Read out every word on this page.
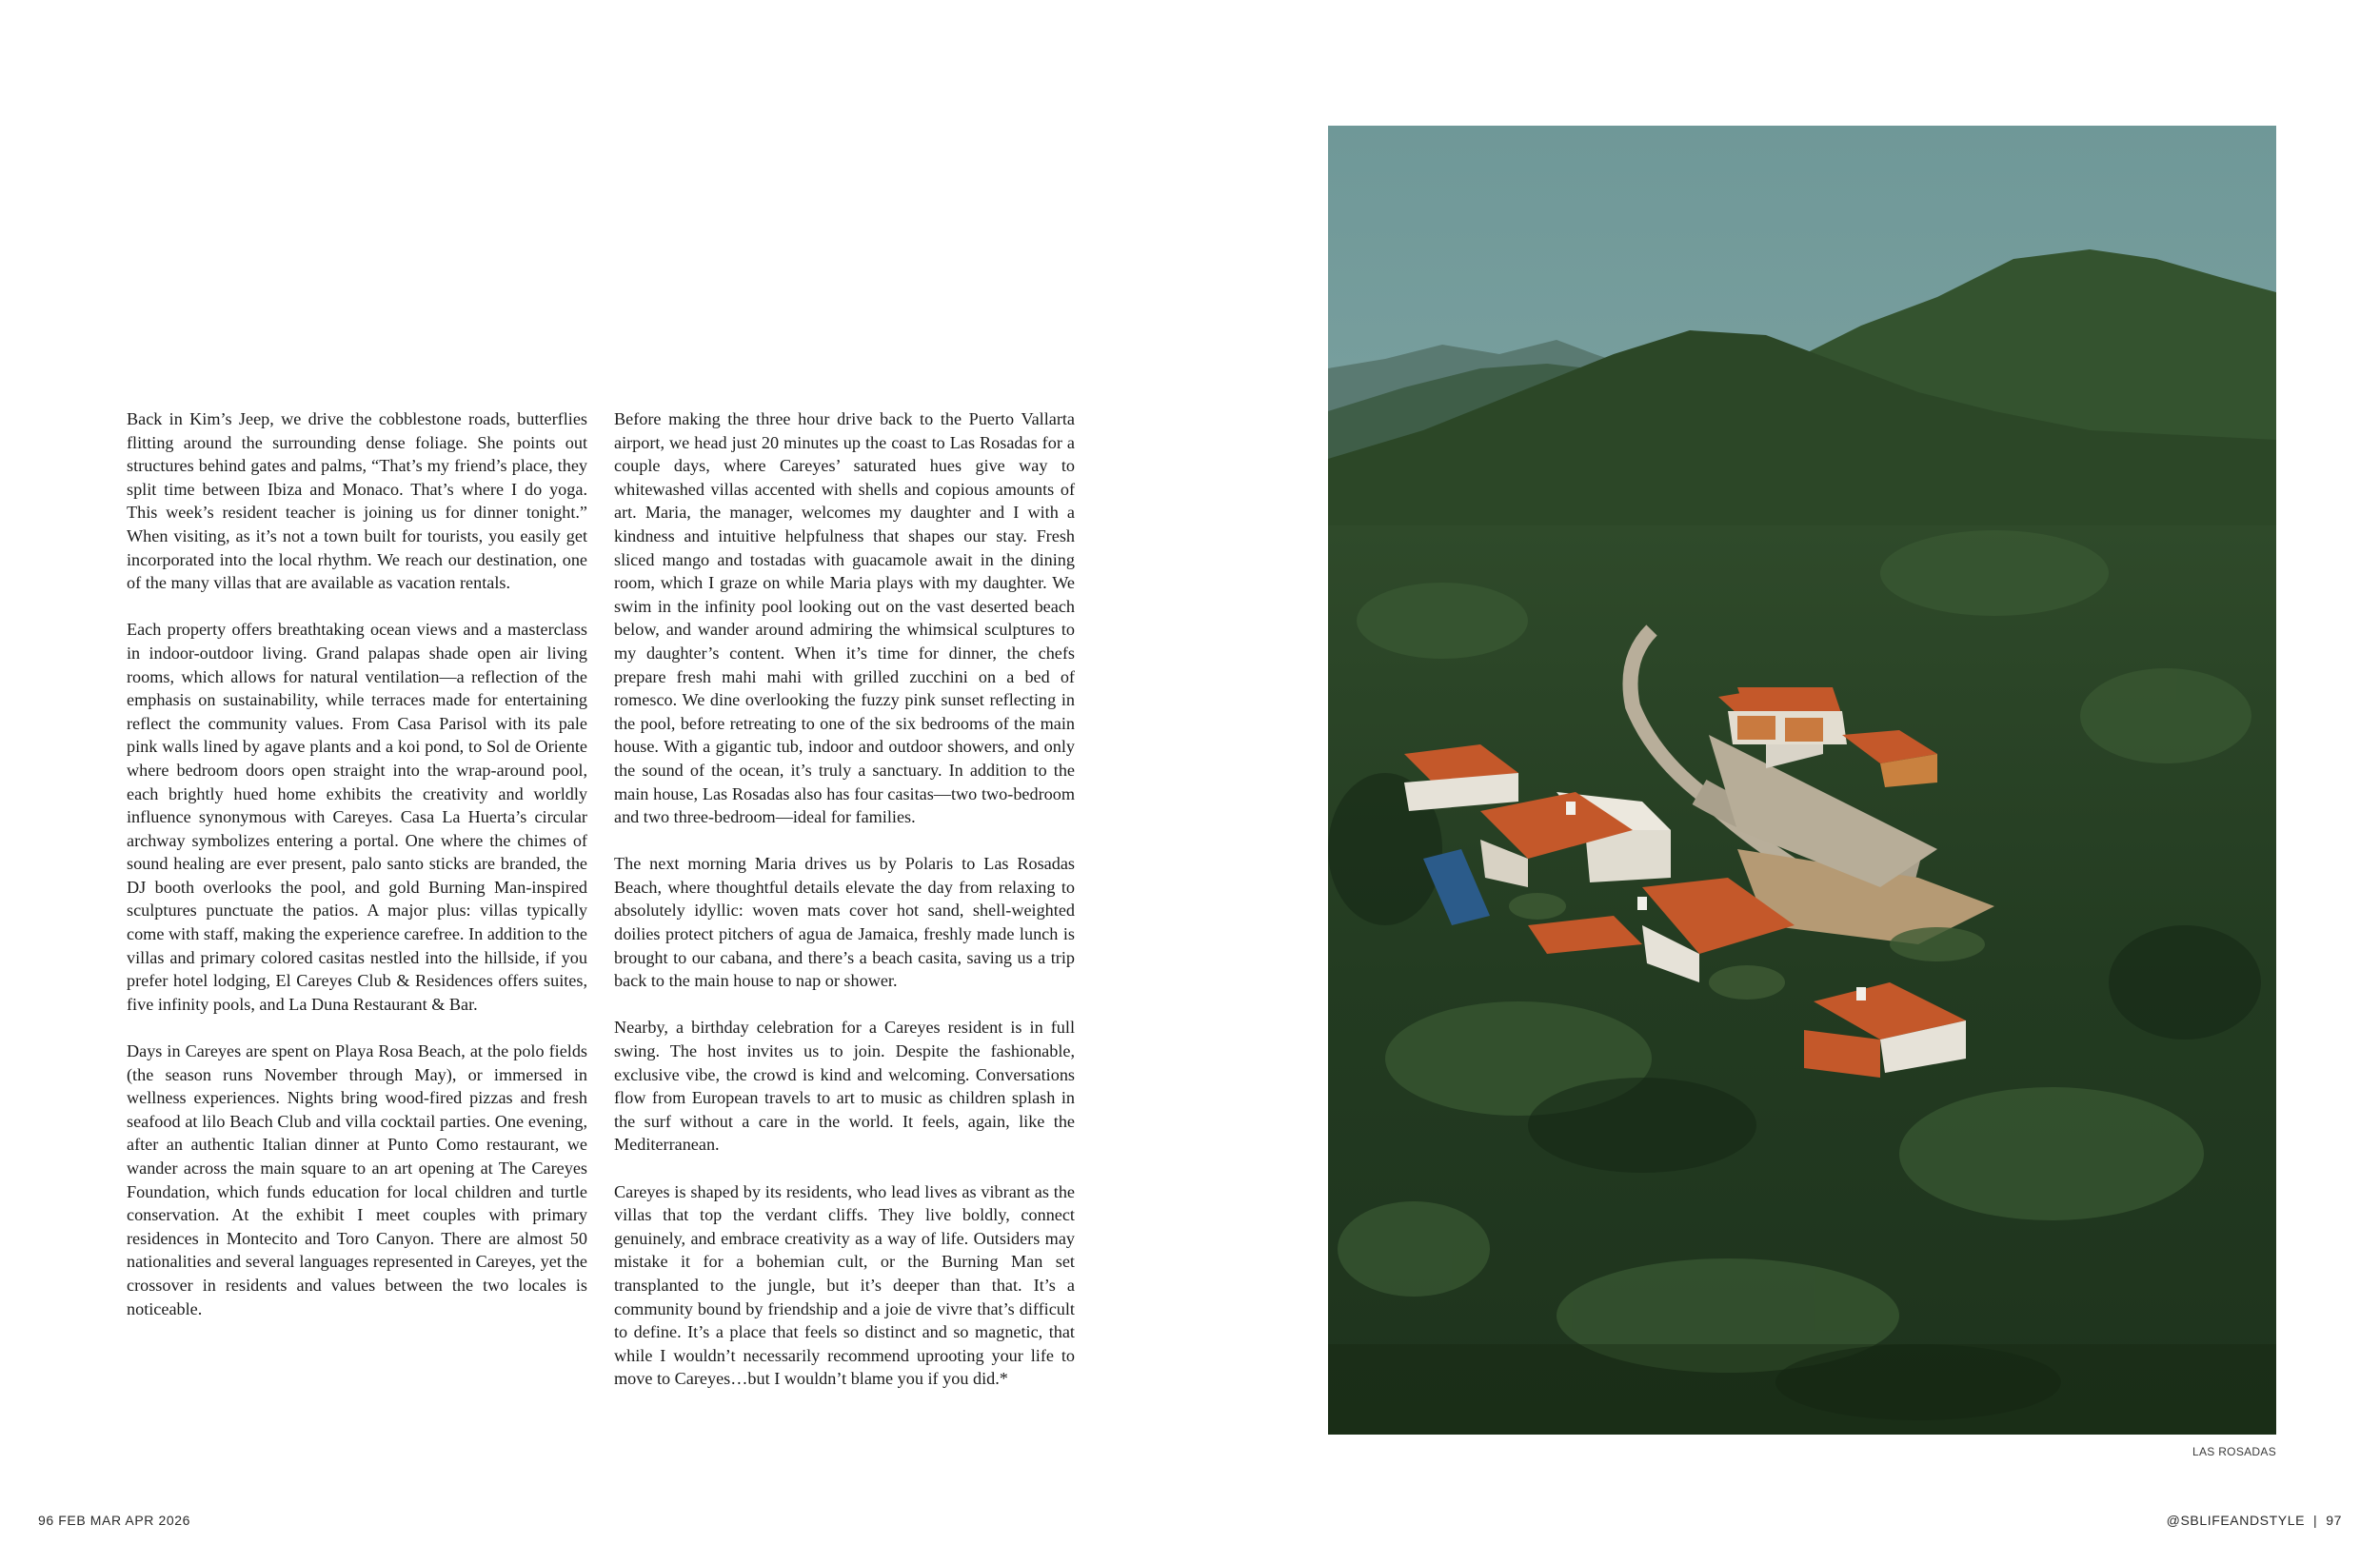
Back in Kim’s Jeep, we drive the cobblestone roads, butterflies flitting around the surrounding dense foliage. She points out structures behind gates and palms, “That’s my friend’s place, they split time between Ibiza and Monaco. That’s where I do yoga. This week’s resident teacher is joining us for dinner tonight.” When visiting, as it’s not a town built for tourists, you easily get incorporated into the local rhythm. We reach our destination, one of the many villas that are available as vacation rentals.

Each property offers breathtaking ocean views and a masterclass in indoor-outdoor living. Grand palapas shade open air living rooms, which allows for natural ventilation—a reflection of the emphasis on sustainability, while terraces made for entertaining reflect the community values. From Casa Parisol with its pale pink walls lined by agave plants and a koi pond, to Sol de Oriente where bedroom doors open straight into the wrap-around pool, each brightly hued home exhibits the creativity and worldly influence synonymous with Careyes. Casa La Huerta’s circular archway symbolizes entering a portal. One where the chimes of sound healing are ever present, palo santo sticks are branded, the DJ booth overlooks the pool, and gold Burning Man-inspired sculptures punctuate the patios. A major plus: villas typically come with staff, making the experience carefree. In addition to the villas and primary colored casitas nestled into the hillside, if you prefer hotel lodging, El Careyes Club & Residences offers suites, five infinity pools, and La Duna Restaurant & Bar.

Days in Careyes are spent on Playa Rosa Beach, at the polo fields (the season runs November through May), or immersed in wellness experiences. Nights bring wood-fired pizzas and fresh seafood at lilo Beach Club and villa cocktail parties. One evening, after an authentic Italian dinner at Punto Como restaurant, we wander across the main square to an art opening at The Careyes Foundation, which funds education for local children and turtle conservation. At the exhibit I meet couples with primary residences in Montecito and Toro Canyon. There are almost 50 nationalities and several languages represented in Careyes, yet the crossover in residents and values between the two locales is noticeable.

Before making the three hour drive back to the Puerto Vallarta airport, we head just 20 minutes up the coast to Las Rosadas for a couple days, where Careyes’ saturated hues give way to whitewashed villas accented with shells and copious amounts of art. Maria, the manager, welcomes my daughter and I with a kindness and intuitive helpfulness that shapes our stay. Fresh sliced mango and tostadas with guacamole await in the dining room, which I graze on while Maria plays with my daughter. We swim in the infinity pool looking out on the vast deserted beach below, and wander around admiring the whimsical sculptures to my daughter’s content. When it’s time for dinner, the chefs prepare fresh mahi mahi with grilled zucchini on a bed of romesco. We dine overlooking the fuzzy pink sunset reflecting in the pool, before retreating to one of the six bedrooms of the main house. With a gigantic tub, indoor and outdoor showers, and only the sound of the ocean, it’s truly a sanctuary. In addition to the main house, Las Rosadas also has four casitas—two two-bedroom and two three-bedroom—ideal for families.

The next morning Maria drives us by Polaris to Las Rosadas Beach, where thoughtful details elevate the day from relaxing to absolutely idyllic: woven mats cover hot sand, shell-weighted doilies protect pitchers of agua de Jamaica, freshly made lunch is brought to our cabana, and there’s a beach casita, saving us a trip back to the main house to nap or shower.

Nearby, a birthday celebration for a Careyes resident is in full swing. The host invites us to join. Despite the fashionable, exclusive vibe, the crowd is kind and welcoming. Conversations flow from European travels to art to music as children splash in the surf without a care in the world. It feels, again, like the Mediterranean.

Careyes is shaped by its residents, who lead lives as vibrant as the villas that top the verdant cliffs. They live boldly, connect genuinely, and embrace creativity as a way of life. Outsiders may mistake it for a bohemian cult, or the Burning Man set transplanted to the jungle, but it’s deeper than that. It’s a community bound by friendship and a joie de vivre that’s difficult to define. It’s a place that feels so distinct and so magnetic, that while I wouldn’t necessarily recommend uprooting your life to move to Careyes…but I wouldn’t blame you if you did.*

LAS ROSADAS
96 FEB MAR APR 2026	@SBLIFEANDSTYLE  |  97
